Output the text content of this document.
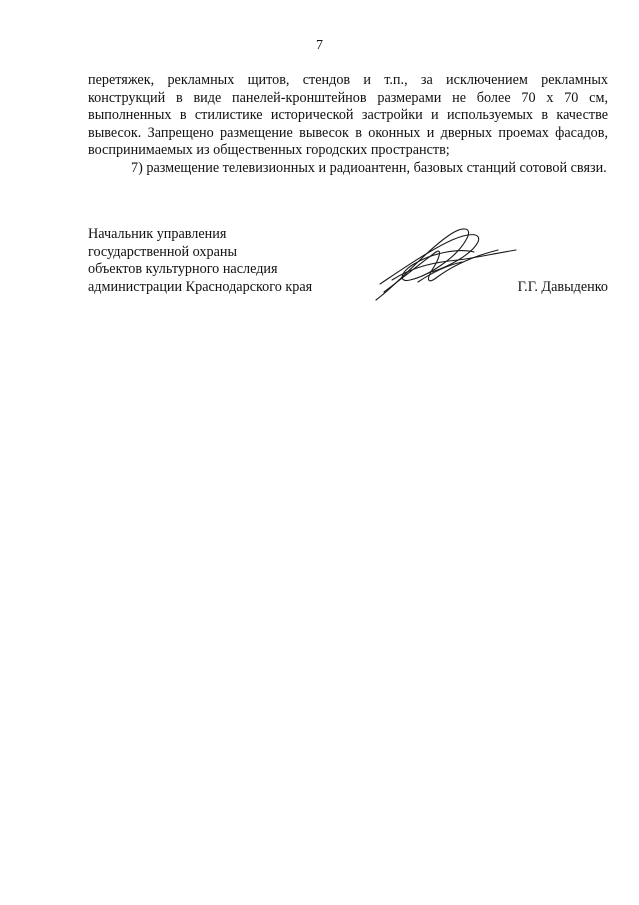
7

перетяжек, рекламных щитов, стендов и т.п., за исключением рекламных конструкций в виде панелей-кронштейнов размерами не более 70 х 70 см, выполненных в стилистике исторической застройки и используемых в качестве вывесок. Запрещено размещение вывесок в оконных и дверных проемах фасадов, воспринимаемых из общественных городских пространств;

7) размещение телевизионных и радиоантенн, базовых станций сотовой связи.

Начальник управления
государственной охраны
объектов культурного наследия
администрации Краснодарского края	Г.Г. Давыденко
